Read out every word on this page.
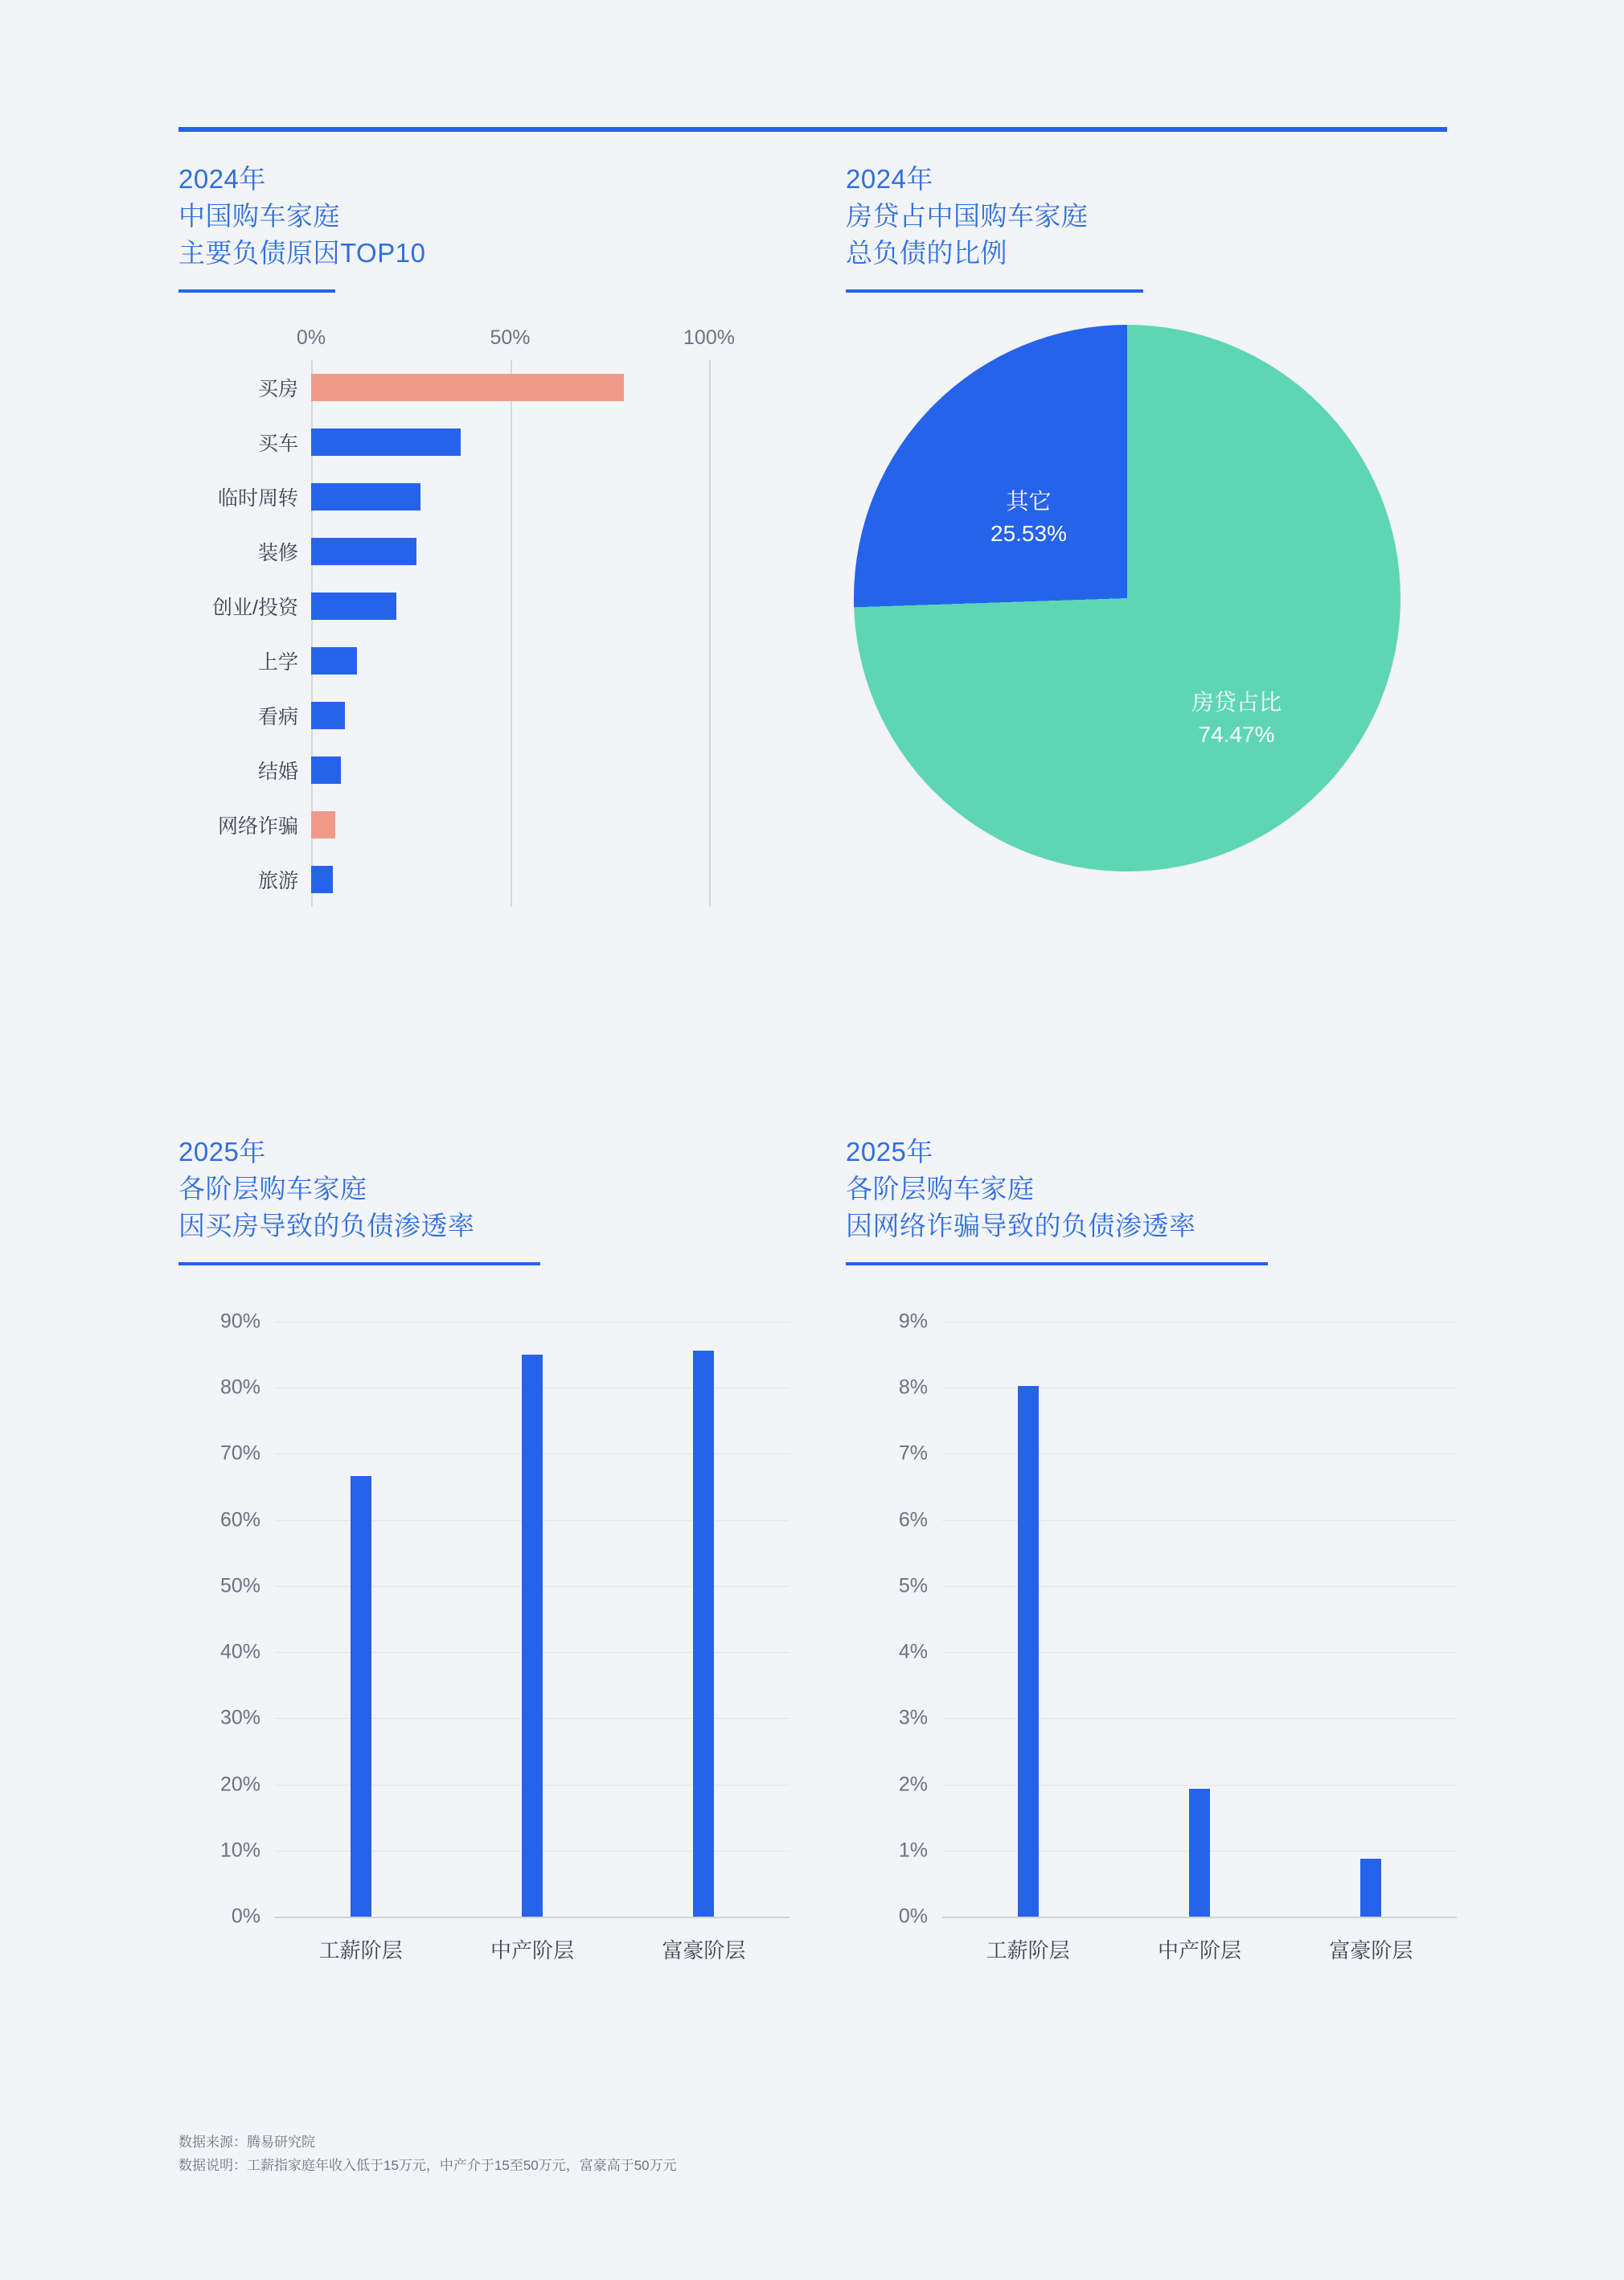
2024年
中国购车家庭
主要负债原因TOP10
0%	50%	100%
买房
买车
临时周转
装修
创业/投资
上学
看病
结婚
网络诈骗
旅游
2024年
房贷占中国购车家庭
总负债的比例
其它
25.53%
房贷占比
74.47%
2025年
各阶层购车家庭
因买房导致的负债渗透率
0%
10%
20%
30%
40%
50%
60%
70%
80%
90%
工薪阶层	中产阶层	富豪阶层
2025年
各阶层购车家庭
因网络诈骗导致的负债渗透率
0%
1%
2%
3%
4%
5%
6%
7%
8%
9%
工薪阶层	中产阶层	富豪阶层
数据来源：腾易研究院
数据说明：工薪指家庭年收入低于15万元，中产介于15至50万元，富豪高于50万元
